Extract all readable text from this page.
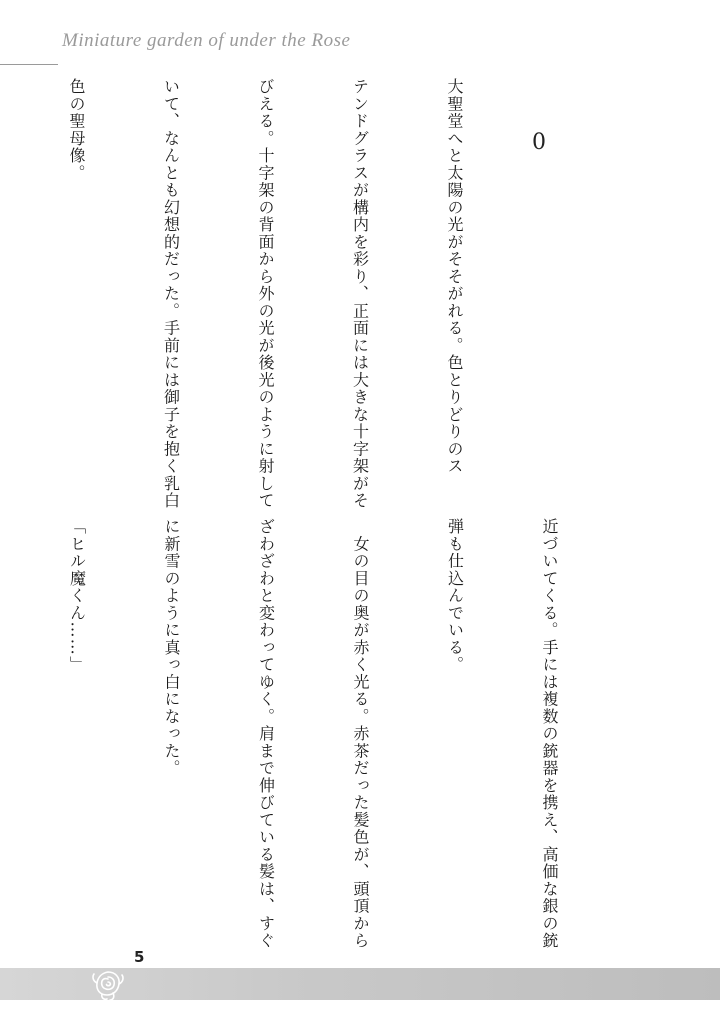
Miniature garden of under the Rose
0

大聖堂へと太陽の光がそそがれる。色とりどりのス

テンドグラスが構内を彩り、正面には大きな十字架がそ

びえる。十字架の背面から外の光が後光のように射して

いて、なんとも幻想的だった。手前には御子を抱く乳白

色の聖母像。

近づいてくる。手には複数の銃器を携え、高価な銀の銃

弾も仕込んでいる。

　女の目の奥が赤く光る。赤茶だった髪色が、頭頂から

ざわざわと変わってゆく。肩まで伸びている髪は、すぐ

に新雪のように真っ白になった。

「ヒル魔くん……」

5
